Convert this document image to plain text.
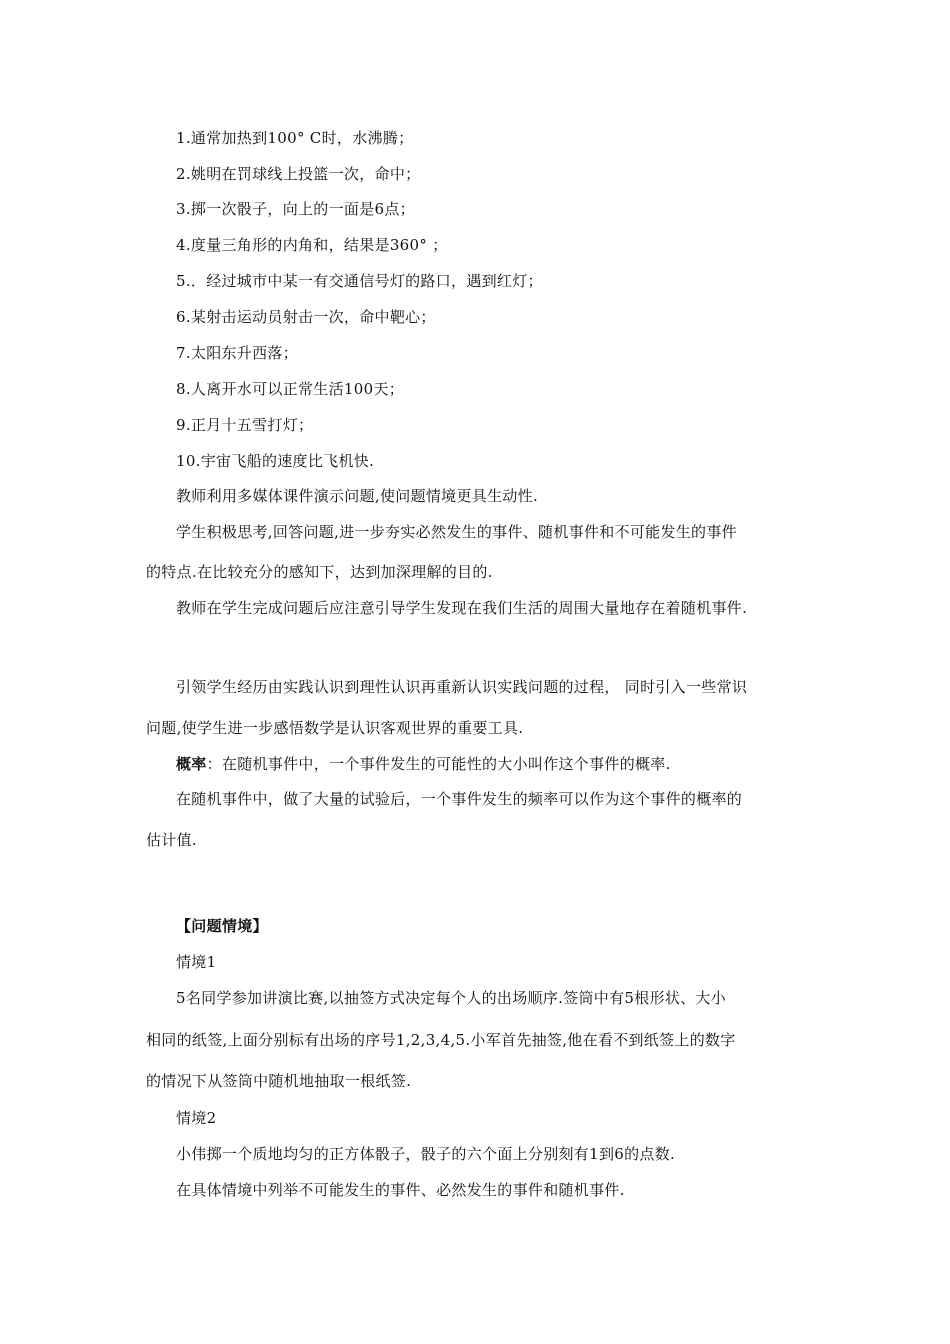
1.通常加热到100° C时，水沸腾；
2.姚明在罚球线上投篮一次，命中；
3.掷一次骰子，向上的一面是6点；
4.度量三角形的内角和，结果是360° ；
5.．经过城市中某一有交通信号灯的路口，遇到红灯；
6.某射击运动员射击一次，命中靶心；
7.太阳东升西落；
8.人离开水可以正常生活100天；
9.正月十五雪打灯；
10.宇宙飞船的速度比飞机快.
教师利用多媒体课件演示问题,使问题情境更具生动性.
学生积极思考,回答问题,进一步夯实必然发生的事件、随机事件和不可能发生的事件
的特点.在比较充分的感知下，达到加深理解的目的.
教师在学生完成问题后应注意引导学生发现在我们生活的周围大量地存在着随机事件.
引领学生经历由实践认识到理性认识再重新认识实践问题的过程， 同时引入一些常识
问题,使学生进一步感悟数学是认识客观世界的重要工具.
概率：在随机事件中，一个事件发生的可能性的大小叫作这个事件的概率.
在随机事件中，做了大量的试验后，一个事件发生的频率可以作为这个事件的概率的
估计值.
【问题情境】
情境1
5名同学参加讲演比赛,以抽签方式决定每个人的出场顺序.签筒中有5根形状、大小
相同的纸签,上面分别标有出场的序号1,2,3,4,5.小军首先抽签,他在看不到纸签上的数字
的情况下从签筒中随机地抽取一根纸签.
情境2
小伟掷一个质地均匀的正方体骰子，骰子的六个面上分别刻有1到6的点数.
在具体情境中列举不可能发生的事件、必然发生的事件和随机事件.
